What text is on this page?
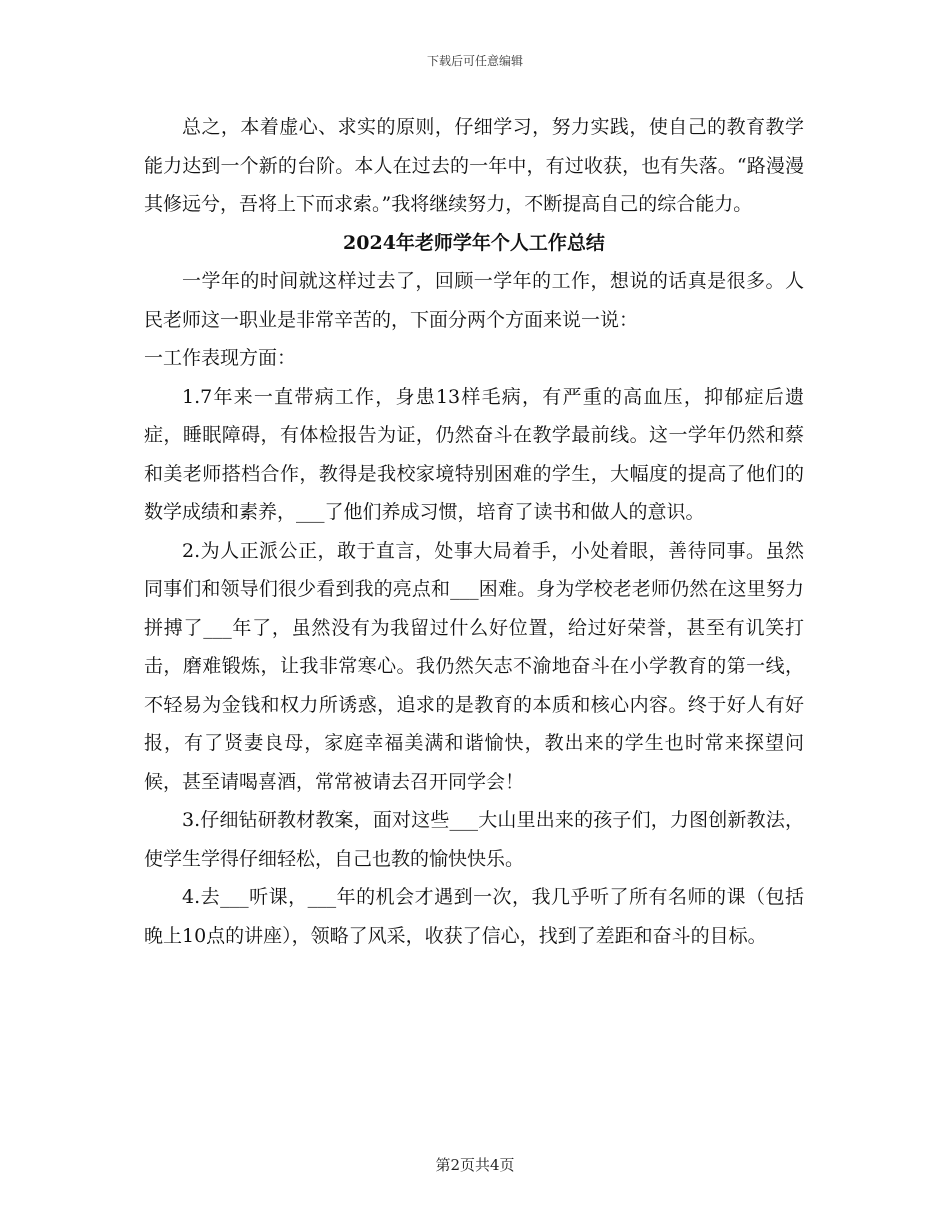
下载后可任意编辑

总之，本着虚心、求实的原则，仔细学习，努力实践，使自己的教育教学能力达到一个新的台阶。本人在过去的一年中，有过收获，也有失落。“路漫漫其修远兮，吾将上下而求索。”我将继续努力，不断提高自己的综合能力。

2024年老师学年个人工作总结

一学年的时间就这样过去了，回顾一学年的工作，想说的话真是很多。人民老师这一职业是非常辛苦的，下面分两个方面来说一说：

一工作表现方面：

1.7年来一直带病工作，身患13样毛病，有严重的高血压，抑郁症后遗症，睡眠障碍，有体检报告为证，仍然奋斗在教学最前线。这一学年仍然和蔡和美老师搭档合作，教得是我校家境特别困难的学生，大幅度的提高了他们的数学成绩和素养，___了他们养成习惯，培育了读书和做人的意识。

2.为人正派公正，敢于直言，处事大局着手，小处着眼，善待同事。虽然同事们和领导们很少看到我的亮点和___困难。身为学校老老师仍然在这里努力拼搏了___年了，虽然没有为我留过什么好位置，给过好荣誉，甚至有讥笑打击，磨难锻炼，让我非常寒心。我仍然矢志不渝地奋斗在小学教育的第一线，不轻易为金钱和权力所诱惑，追求的是教育的本质和核心内容。终于好人有好报，有了贤妻良母，家庭幸福美满和谐愉快，教出来的学生也时常来探望问候，甚至请喝喜酒，常常被请去召开同学会！

3.仔细钻研教材教案，面对这些___大山里出来的孩子们，力图创新教法，使学生学得仔细轻松，自己也教的愉快快乐。

4.去___听课，___年的机会才遇到一次，我几乎听了所有名师的课（包括晚上10点的讲座），领略了风采，收获了信心，找到了差距和奋斗的目标。

第2页共4页
